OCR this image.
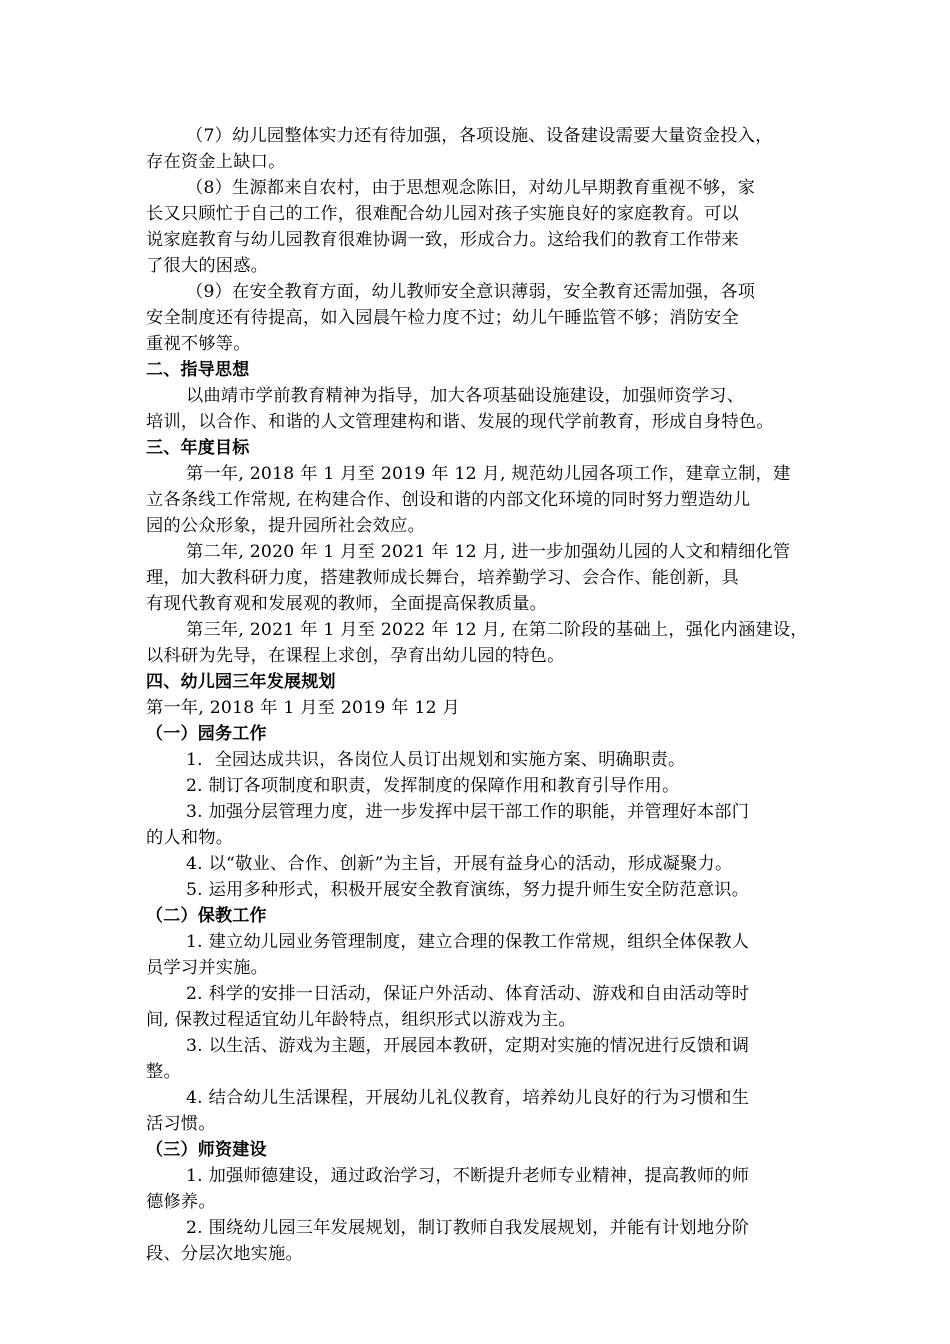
（7）幼儿园整体实力还有待加强，各项设施、设备建设需要大量资金投入，
存在资金上缺口。
（8）生源都来自农村，由于思想观念陈旧，对幼儿早期教育重视不够，家
长又只顾忙于自己的工作，很难配合幼儿园对孩子实施良好的家庭教育。可以
说家庭教育与幼儿园教育很难协调一致，形成合力。这给我们的教育工作带来
了很大的困惑。
（9）在安全教育方面，幼儿教师安全意识薄弱，安全教育还需加强，各项
安全制度还有待提高，如入园晨午检力度不过；幼儿午睡监管不够；消防安全
重视不够等。
二、指导思想
以曲靖市学前教育精神为指导，加大各项基础设施建设，加强师资学习、
培训，以合作、和谐的人文管理建构和谐、发展的现代学前教育，形成自身特色。
三、年度目标
第一年, 2018 年 1 月至 2019 年 12 月, 规范幼儿园各项工作，建章立制，建
立各条线工作常规, 在构建合作、创设和谐的内部文化环境的同时努力塑造幼儿
园的公众形象，提升园所社会效应。
第二年, 2020 年 1 月至 2021 年 12 月, 进一步加强幼儿园的人文和精细化管
理，加大教科研力度，搭建教师成长舞台，培养勤学习、会合作、能创新，具
有现代教育观和发展观的教师，全面提高保教质量。
第三年, 2021 年 1 月至 2022 年 12 月, 在第二阶段的基础上，强化内涵建设，
以科研为先导，在课程上求创，孕育出幼儿园的特色。
四、幼儿园三年发展规划
第一年, 2018 年 1 月至 2019 年 12 月
（一）园务工作
1．全园达成共识，各岗位人员订出规划和实施方案、明确职责。
2. 制订各项制度和职责，发挥制度的保障作用和教育引导作用。
3. 加强分层管理力度，进一步发挥中层干部工作的职能，并管理好本部门
的人和物。
4. 以“敬业、合作、创新”为主旨，开展有益身心的活动，形成凝聚力。
5. 运用多种形式，积极开展安全教育演练，努力提升师生安全防范意识。
（二）保教工作
1. 建立幼儿园业务管理制度，建立合理的保教工作常规，组织全体保教人
员学习并实施。
2. 科学的安排一日活动，保证户外活动、体育活动、游戏和自由活动等时
间, 保教过程适宜幼儿年龄特点，组织形式以游戏为主。
3. 以生活、游戏为主题，开展园本教研，定期对实施的情况进行反馈和调
整。
4. 结合幼儿生活课程，开展幼儿礼仪教育，培养幼儿良好的行为习惯和生
活习惯。
（三）师资建设
1. 加强师德建设，通过政治学习，不断提升老师专业精神，提高教师的师
德修养。
2. 围绕幼儿园三年发展规划，制订教师自我发展规划，并能有计划地分阶
段、分层次地实施。
